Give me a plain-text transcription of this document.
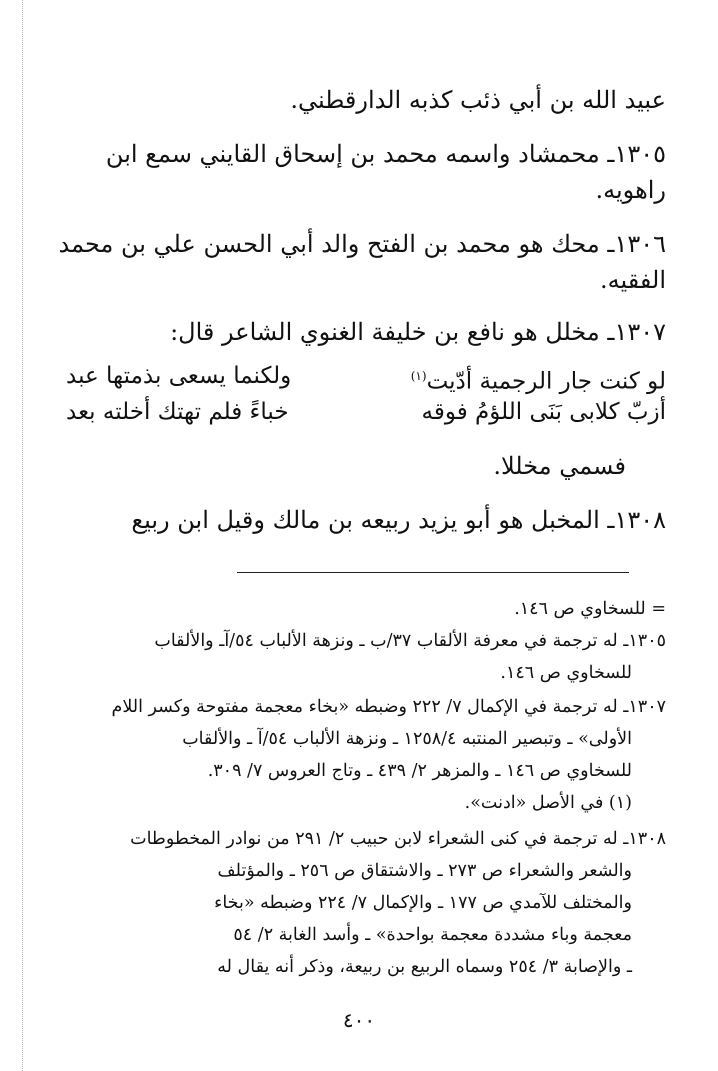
عبيد الله بن أبي ذئب كذبه الدارقطني.

١٣٠٥ـ محمشاد واسمه محمد بن إسحاق القايني سمع ابن

راهويه.

١٣٠٦ـ محك هو محمد بن الفتح والد أبي الحسن علي بن محمد

الفقيه.

١٣٠٧ـ مخلل هو نافع بن خليفة الغنوي الشاعر قال:

لو كنت جار الرجمية أدّيت$^{(١)}$
ولكنما يسعى بذمتها عبد
أزبّ كلابى بَنَى اللؤمُ فوقه
خباءً فلم تهتك أخلته بعد

فسمي مخللا.

١٣٠٨ـ المخبل هو أبو يزيد ربيعه بن مالك وقيل ابن ربيع

= للسخاوي ص ١٤٦.

١٣٠٥ـ له ترجمة في معرفة الألقاب ٣٧/ب ـ ونزهة الألباب ٥٤/آـ والألقاب

للسخاوي ص ١٤٦.

١٣٠٧ـ له ترجمة في الإكمال ٧/ ٢٢٢ وضبطه «بخاء معجمة مفتوحة وكسر اللام

الأولى» ـ وتبصير المنتبه ١٢٥٨/٤ ـ ونزهة الألباب ٥٤/آ ـ والألقاب

للسخاوي ص ١٤٦ ـ والمزهر ٢/ ٤٣٩ ـ وتاج العروس ٧/ ٣٠٩.

(١) في الأصل «ادنت».

١٣٠٨ـ له ترجمة في كنى الشعراء لابن حبيب ٢/ ٢٩١ من نوادر المخطوطات

والشعر والشعراء ص ٢٧٣ ـ والاشتقاق ص ٢٥٦ ـ والمؤتلف

والمختلف للآمدي ص ١٧٧ ـ والإكمال ٧/ ٢٢٤ وضبطه «بخاء

معجمة وباء مشددة معجمة بواحدة» ـ وأسد الغابة ٢/ ٥٤

ـ والإصابة ٣/ ٢٥٤ وسماه الربيع بن ربيعة، وذكر أنه يقال له

٤٠٠
